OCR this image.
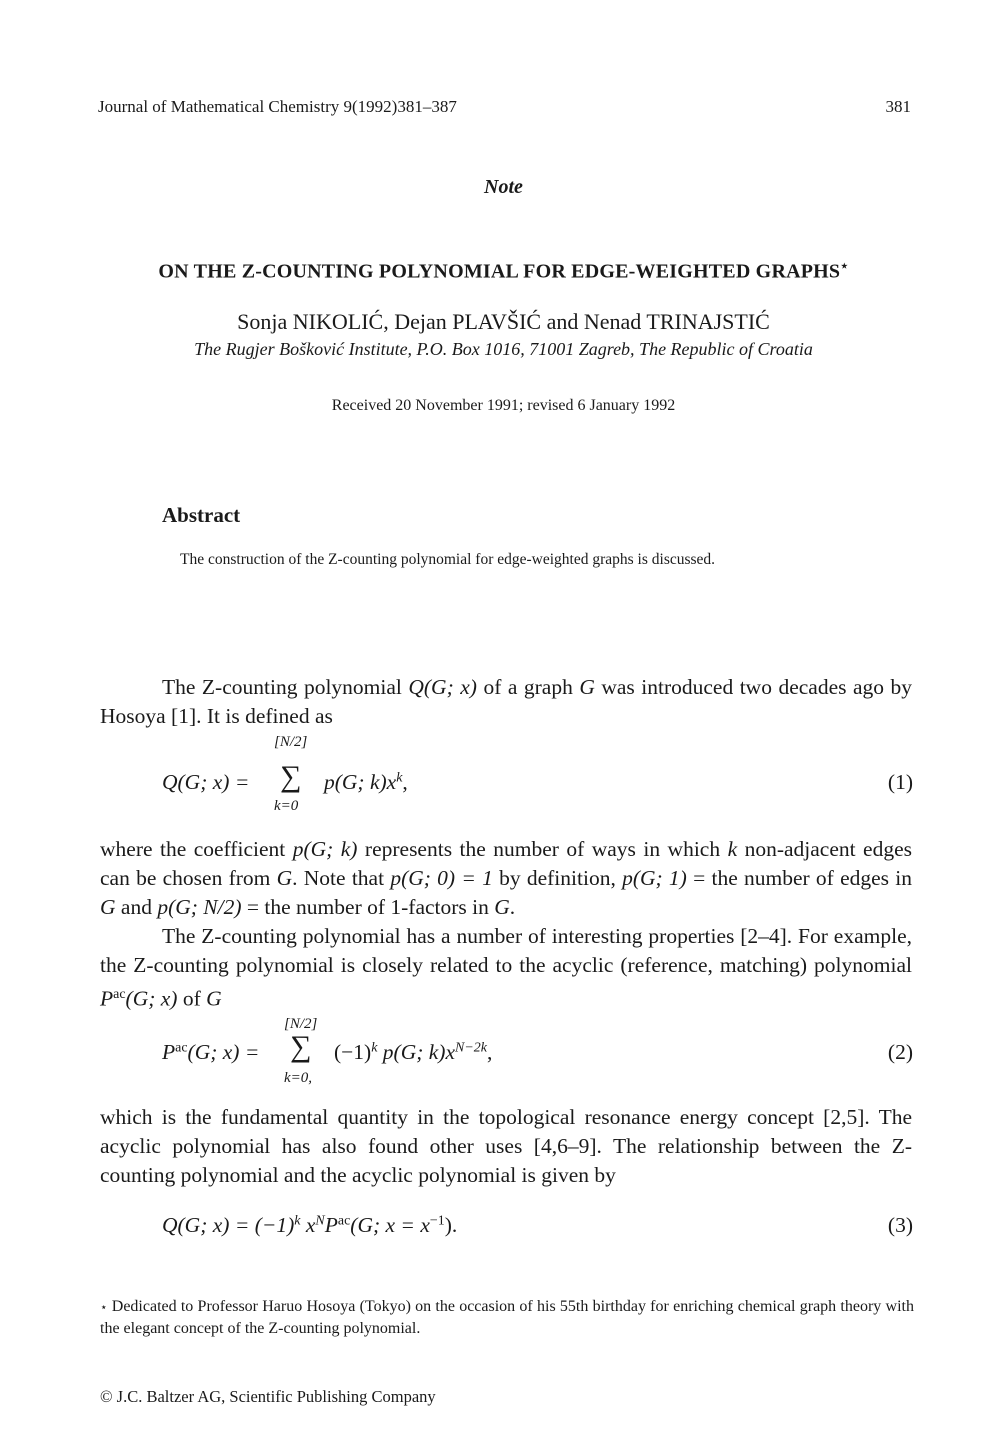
Journal of Mathematical Chemistry 9(1992)381–387	381
Note
ON THE Z-COUNTING POLYNOMIAL FOR EDGE-WEIGHTED GRAPHS⋆
Sonja NIKOLIĆ, Dejan PLAVŠIĆ and Nenad TRINAJSTIĆ
The Rugjer Bošković Institute, P.O. Box 1016, 71001 Zagreb, The Republic of Croatia
Received 20 November 1991; revised 6 January 1992
Abstract
The construction of the Z-counting polynomial for edge-weighted graphs is discussed.

The Z-counting polynomial Q(G; x) of a graph G was introduced two decades ago by Hosoya [1]. It is defined as

Q(G; x) =
[N/2]
∑
k=0
p(G; $k)x^k$,	(1)

where the coefficient p(G; k) represents the number of ways in which k non-adjacent edges can be chosen from G. Note that p(G; 0) = 1 by definition, p(G; 1) = the number of edges in G and p(G; N/2) = the number of 1-factors in G.

The Z-counting polynomial has a number of interesting properties [2–4]. For example, the Z-counting polynomial is closely related to the acyclic (reference, matching) polynomial $P^{ac}(G$; x) of G

$P^{ac}(G$; x) =
[N/2]
∑
k=0,
$(-1)^k$ p(G; $k)x^{N-2k}$,	(2)

which is the fundamental quantity in the topological resonance energy concept [2,5]. The acyclic polynomial has also found other uses [4,6–9]. The relationship between the Z-counting polynomial and the acyclic polynomial is given by

Q(G; $x) = (-1)^k$ $x^NP^{ac}(G$; $x = x^{-1}$).	(3)
⋆ Dedicated to Professor Haruo Hosoya (Tokyo) on the occasion of his 55th birthday for enriching chemical graph theory with the elegant concept of the Z-counting polynomial.
© J.C. Baltzer AG, Scientific Publishing Company
